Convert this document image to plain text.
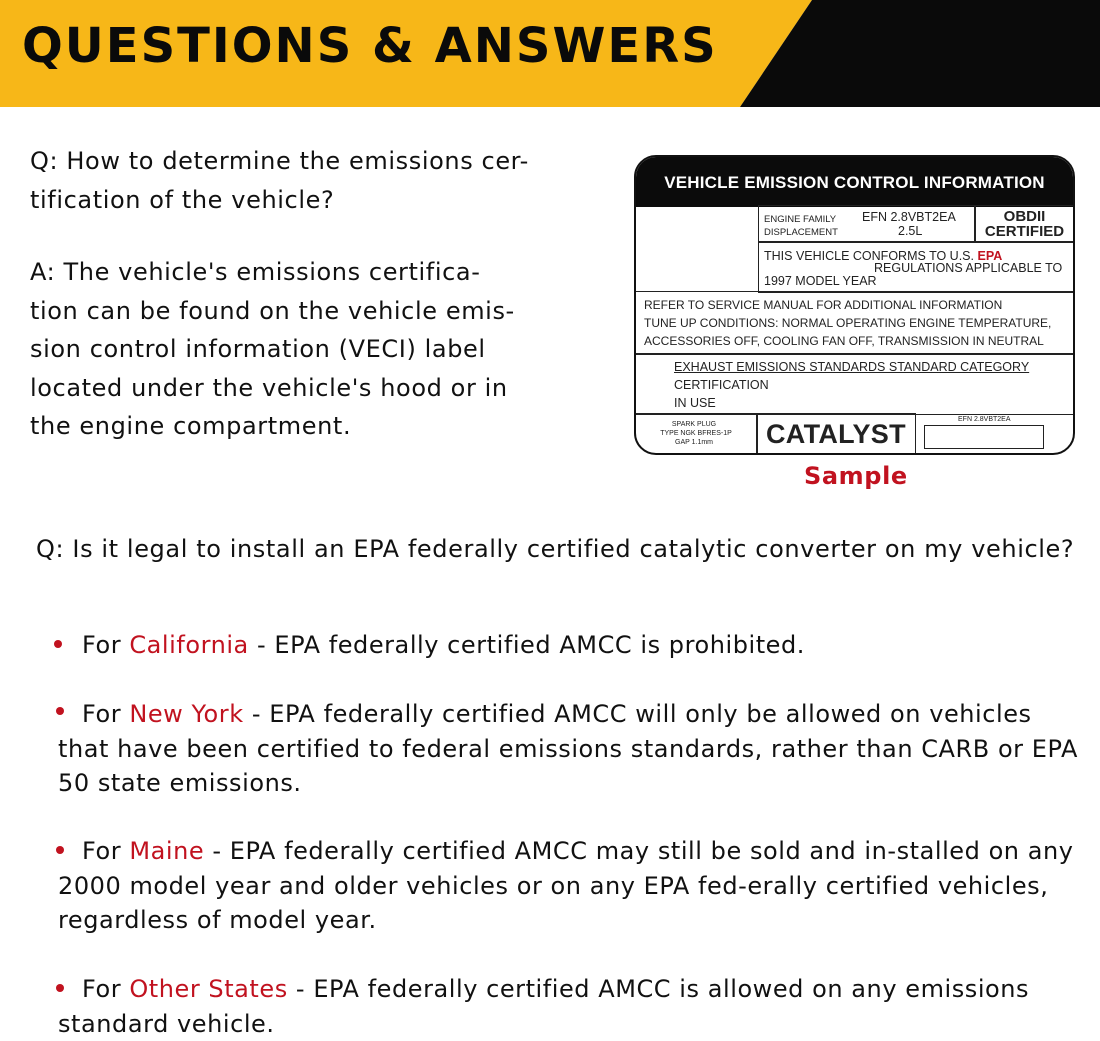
QUESTIONS & ANSWERS

Q: How to determine the emissions cer-
tification of the vehicle?

A: The vehicle's emissions certifica-
tion can be found on the vehicle emis-
sion control information (VECI) label
located under the vehicle's hood or in
the engine compartment.

VEHICLE EMISSION CONTROL INFORMATION
ENGINE FAMILY
DISPLACEMENT
EFN 2.8VBT2EA
2.5L
OBDII
CERTIFIED
THIS VEHICLE CONFORMS TO U.S. EPA
REGULATIONS APPLICABLE TO
1997 MODEL YEAR
REFER TO SERVICE MANUAL FOR ADDITIONAL INFORMATION
TUNE UP CONDITIONS: NORMAL OPERATING ENGINE TEMPERATURE,
ACCESSORIES OFF, COOLING FAN OFF, TRANSMISSION IN NEUTRAL
EXHAUST EMISSIONS STANDARDS STANDARD CATEGORY
CERTIFICATION
IN USE
SPARK PLUG
TYPE NGK BFRES-1P
GAP 1.1mm	CATALYST	EFN 2.8VBT2EA
Sample

Q: Is it legal to install an EPA federally certified catalytic converter on my vehicle?

For California - EPA federally certified AMCC is prohibited.
For New York - EPA federally certified AMCC will only be allowed on vehicles that have been certified to federal emissions standards, rather than CARB or EPA 50 state emissions.
For Maine - EPA federally certified AMCC may still be sold and in-stalled on any 2000 model year and older vehicles or on any EPA fed-erally certified vehicles, regardless of model year.
For Other States - EPA federally certified AMCC is allowed on any emissions standard vehicle.
